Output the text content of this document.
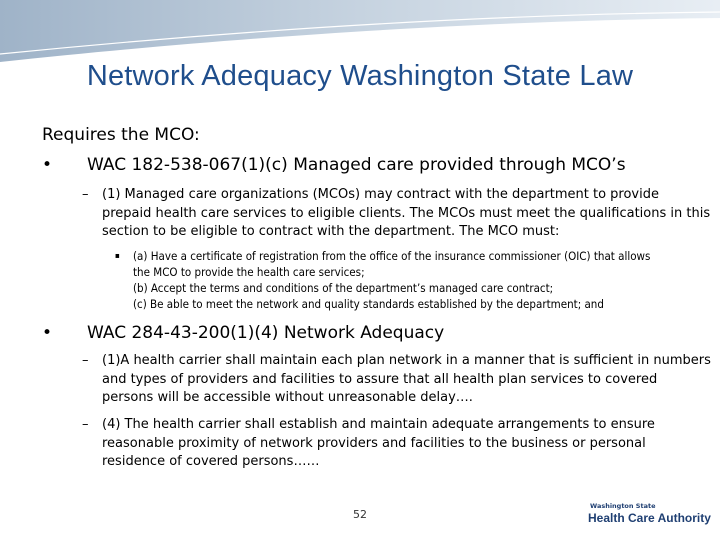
Network Adequacy Washington State Law
Requires the MCO:
• WAC 182-538-067(1)(c) Managed care provided through MCO’s
– (1) Managed care organizations (MCOs) may contract with the department to provide prepaid health care services to eligible clients. The MCOs must meet the qualifications in this section to be eligible to contract with the department. The MCO must:
▪ (a) Have a certificate of registration from the office of the insurance commissioner (OIC) that allows
the MCO to provide the health care services;
(b) Accept the terms and conditions of the department’s managed care contract;
(c) Be able to meet the network and quality standards established by the department; and
• WAC 284-43-200(1)(4) Network Adequacy
– (1)A health carrier shall maintain each plan network in a manner that is sufficient in numbers and types of providers and facilities to assure that all health plan services to covered persons will be accessible without unreasonable delay….
– (4) The health carrier shall establish and maintain adequate arrangements to ensure reasonable proximity of network providers and facilities to the business or personal residence of covered persons……
52
Washington State
Health Care Authority
